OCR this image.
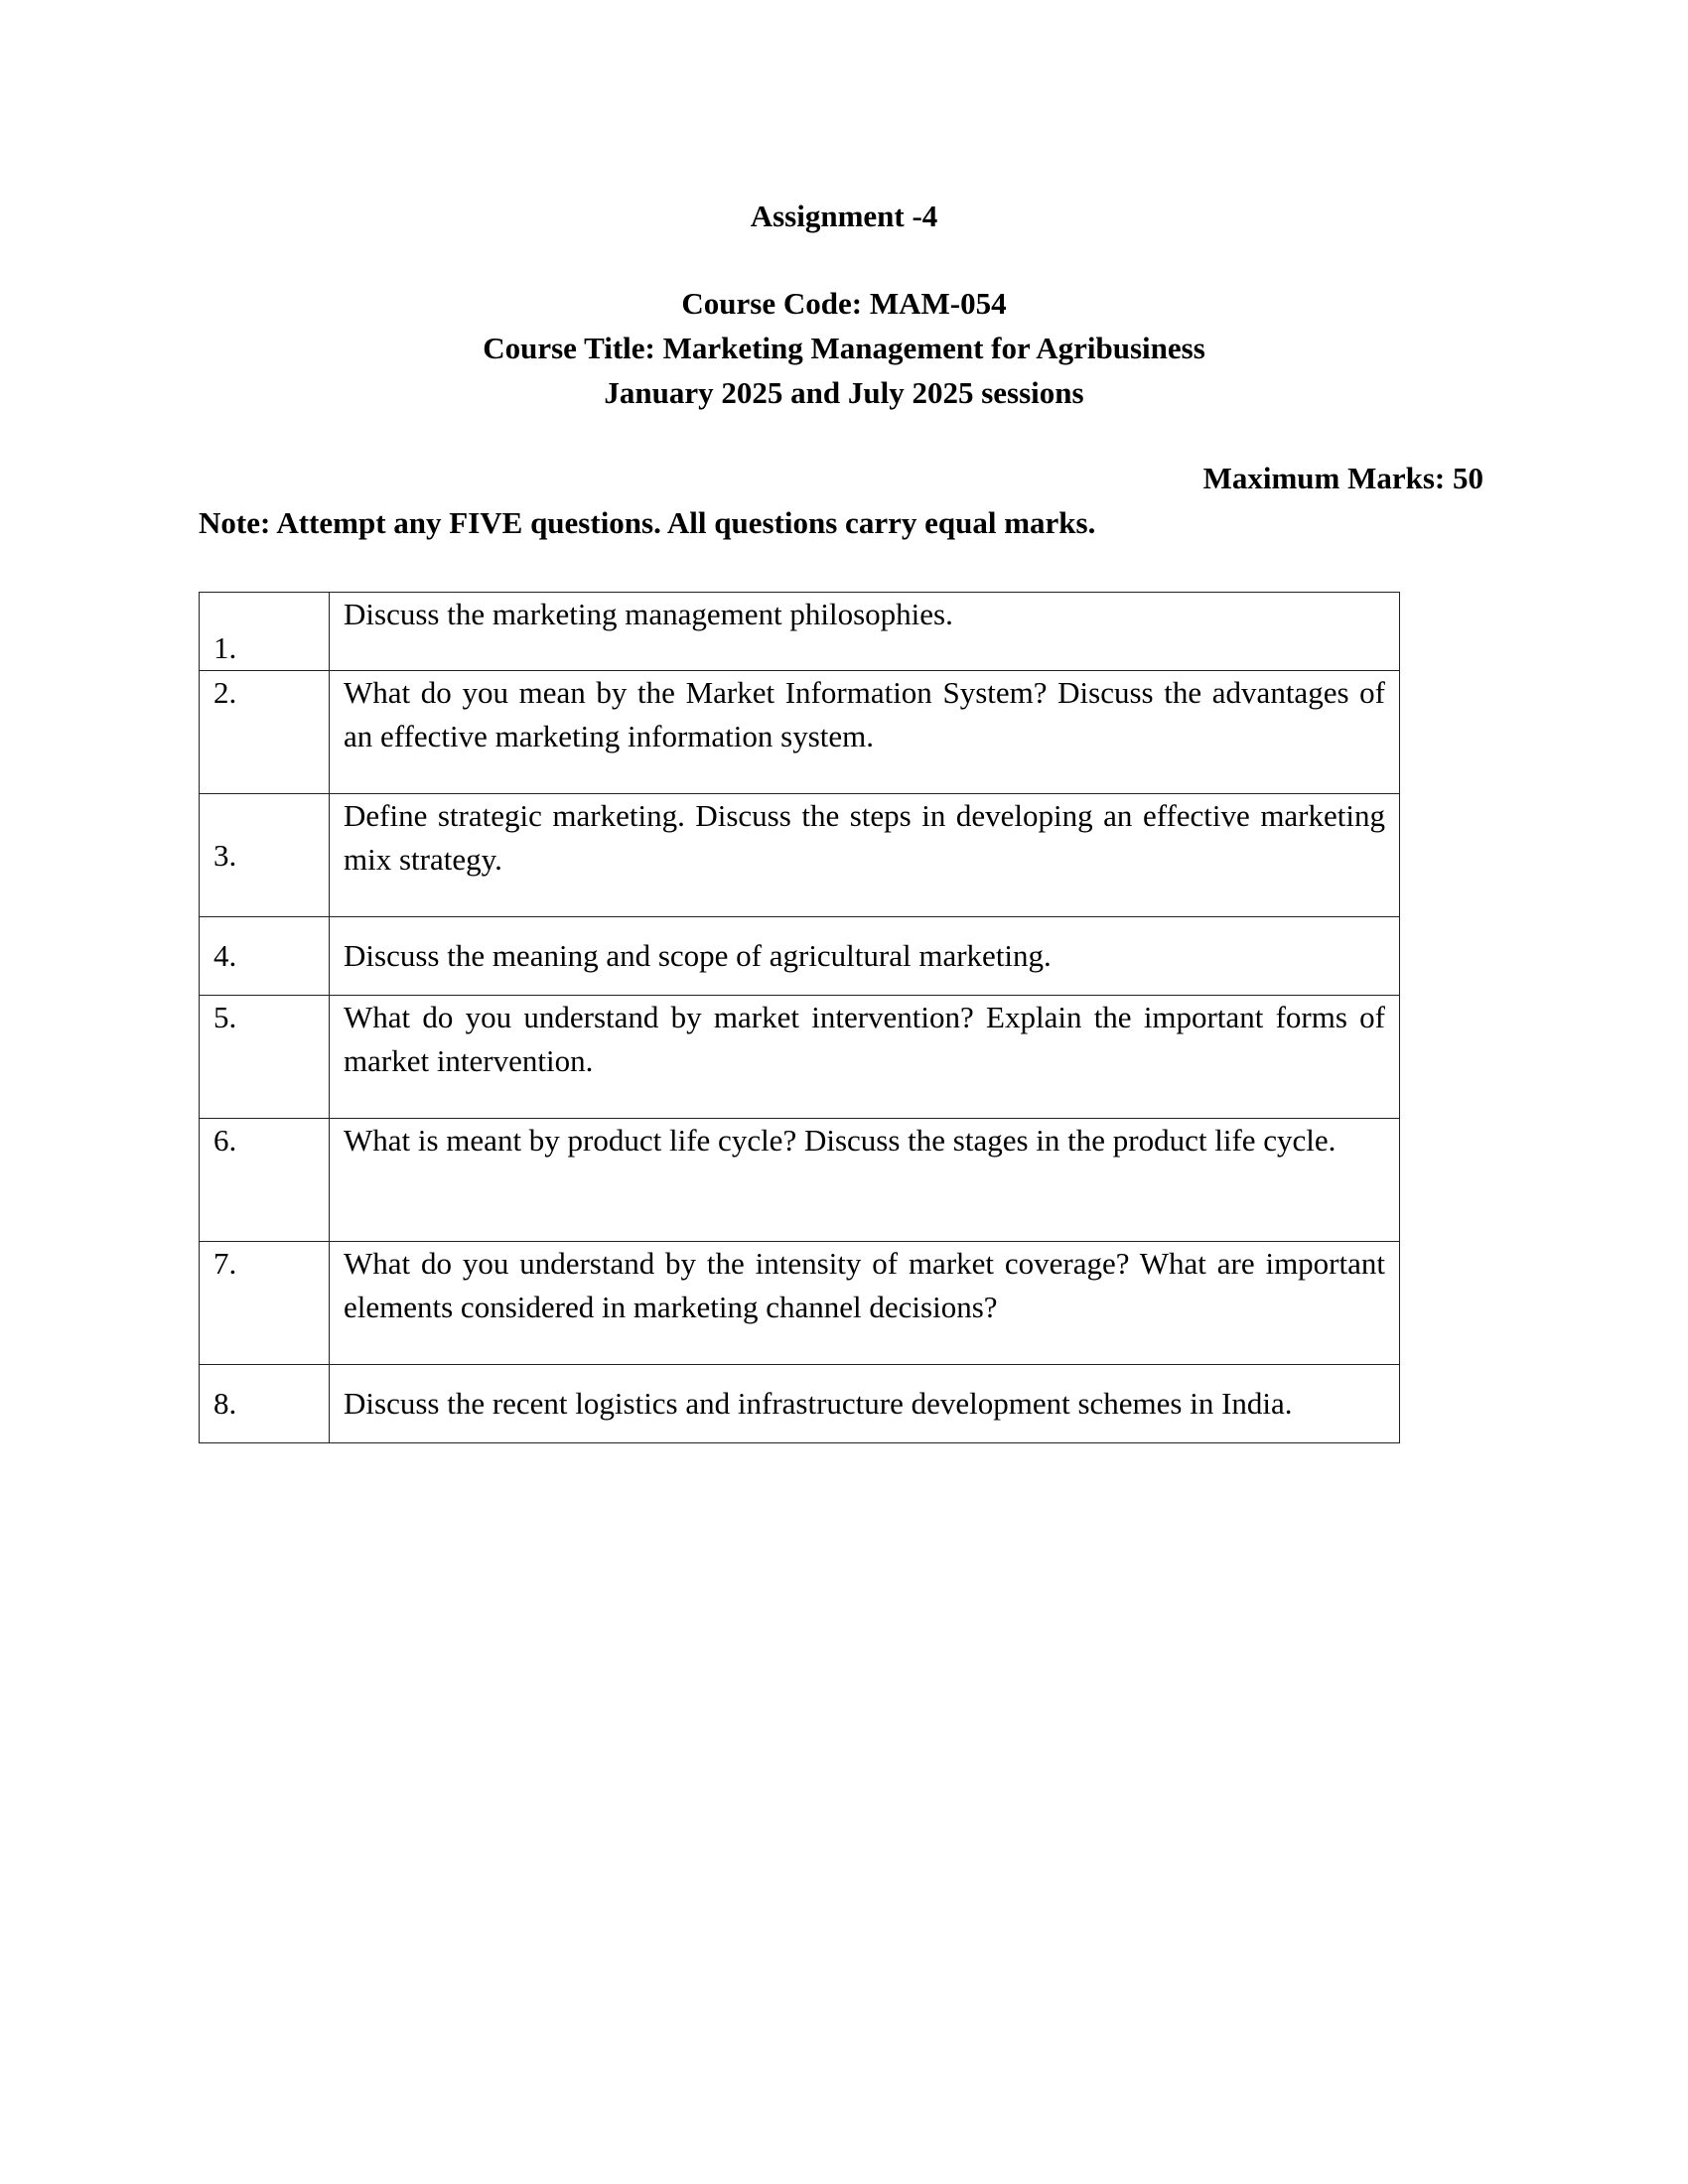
Assignment -4
Course Code: MAM-054
Course Title: Marketing Management for Agribusiness
January 2025 and July 2025 sessions
Maximum Marks: 50
Note: Attempt any FIVE questions. All questions carry equal marks.
1.	Discuss the marketing management philosophies.
2.	What do you mean by the Market Information System? Discuss the advantages of an effective marketing information system.
3.	Define strategic marketing. Discuss the steps in developing an effective marketing mix strategy.
4.	Discuss the meaning and scope of agricultural marketing.
5.	What do you understand by market intervention? Explain the important forms of market intervention.
6.	What is meant by product life cycle? Discuss the stages in the product life cycle.
7.	What do you understand by the intensity of market coverage? What are important elements considered in marketing channel decisions?
8.	Discuss the recent logistics and infrastructure development schemes in India.
